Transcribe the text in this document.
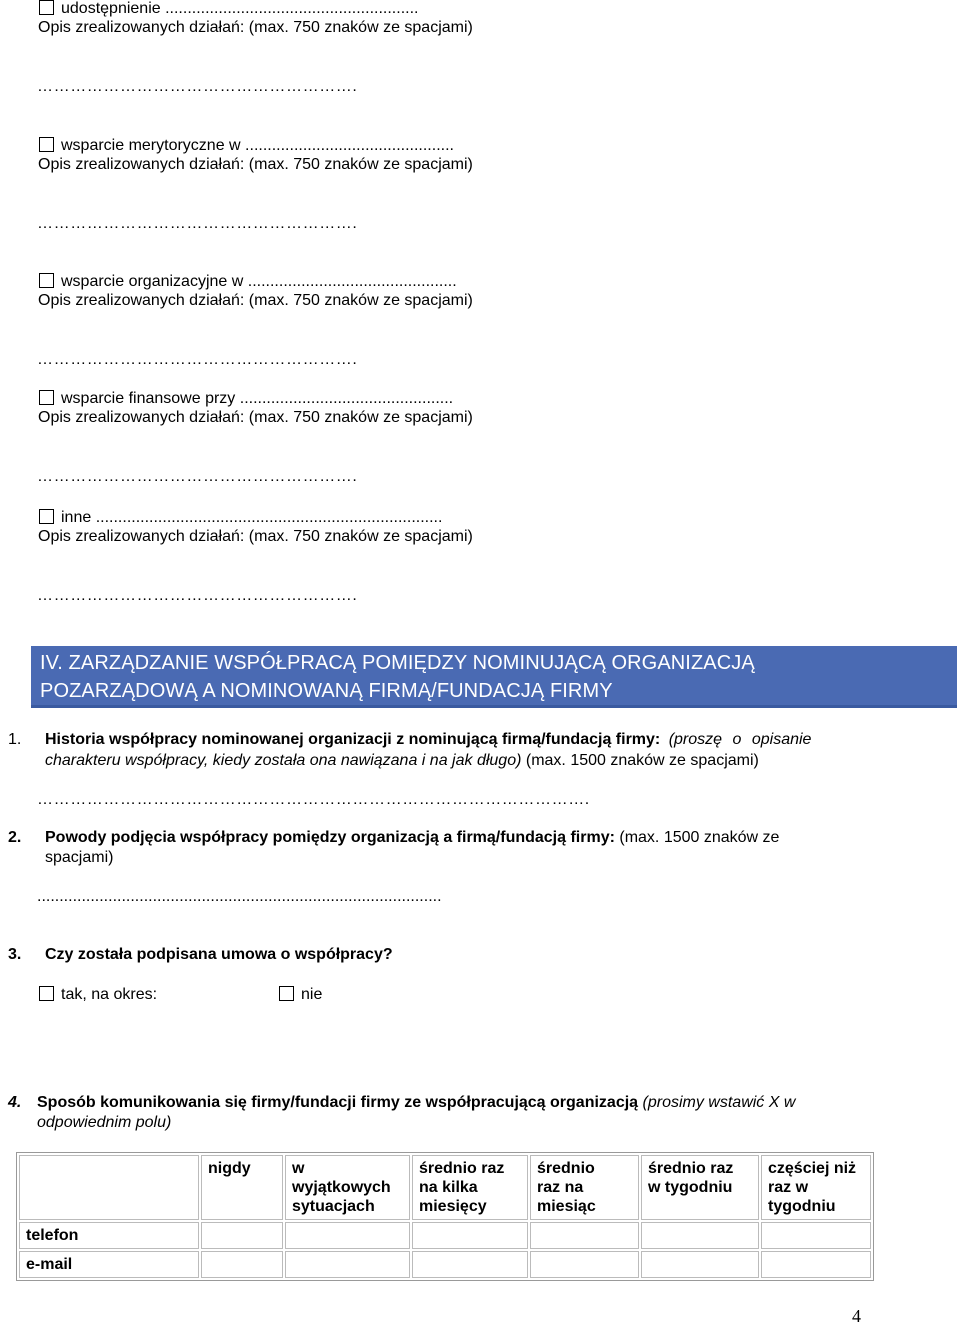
udostępnienie .........................................................
Opis zrealizowanych działań: (max. 750 znaków ze spacjami)
………………………………………………….
wsparcie merytoryczne w ...............................................
Opis zrealizowanych działań: (max. 750 znaków ze spacjami)
………………………………………………….
wsparcie organizacyjne w ...............................................
Opis zrealizowanych działań: (max. 750 znaków ze spacjami)
………………………………………………….
wsparcie finansowe przy ................................................
Opis zrealizowanych działań: (max. 750 znaków ze spacjami)
………………………………………………….
inne ..............................................................................
Opis zrealizowanych działań: (max. 750 znaków ze spacjami)
………………………………………………….
IV. ZARZĄDZANIE WSPÓŁPRACĄ POMIĘDZY NOMINUJĄCĄ ORGANIZACJĄ
POZARZĄDOWĄ A NOMINOWANĄ FIRMĄ/FUNDACJĄ FIRMY
1. Historia współpracy nominowanej organizacji z nominującą firmą/fundacją firmy: (proszę o opisanie
charakteru współpracy, kiedy została ona nawiązana i na jak długo) (max. 1500 znaków ze spacjami)
……………………………………………………………………………………….
2. Powody podjęcia współpracy pomiędzy organizacją a firmą/fundacją firmy: (max. 1500 znaków ze
spacjami)
...........................................................................................
3. Czy została podpisana umowa o współpracy?
tak, na okres:	nie
4. Sposób komunikowania się firmy/fundacji firmy ze współpracującą organizacją (prosimy wstawić X w
odpowiednim polu)
	nigdy	w
wyjątkowych
sytuacjach	średnio raz
na kilka
miesięcy	średnio
raz na
miesiąc	średnio raz
w tygodniu	częściej niż
raz w
tygodniu
telefon						
e-mail						
4
